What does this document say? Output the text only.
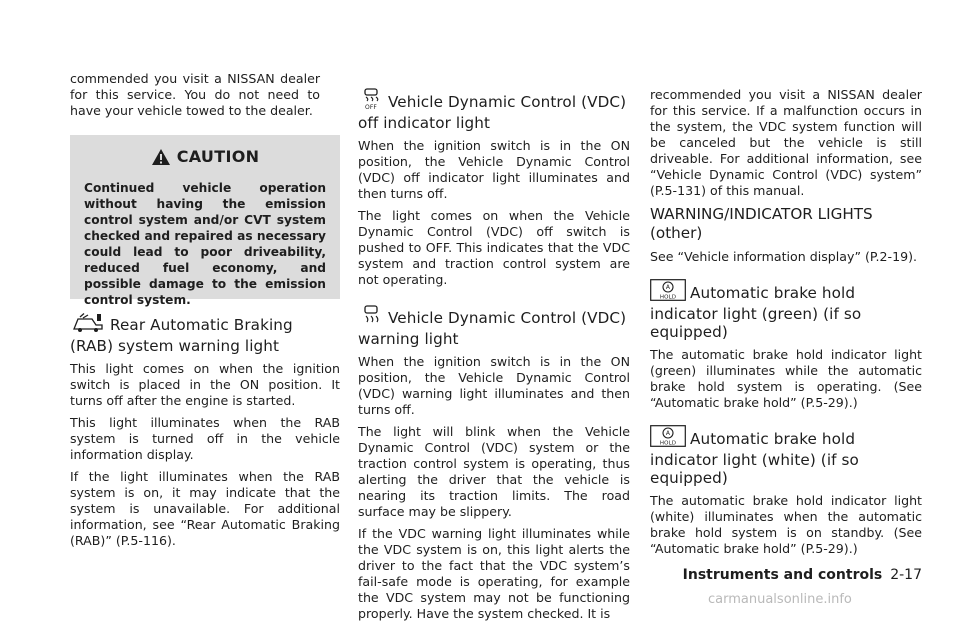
commended you visit a NISSAN dealer for this service. You do not need to have your vehicle towed to the dealer.

CAUTION

Continued vehicle operation without having the emission control system and/or CVT system checked and repaired as necessary could lead to poor driveability, reduced fuel economy, and possible damage to the emission control system.

Rear Automatic Braking (RAB) system warning light

This light comes on when the ignition switch is placed in the ON position. It turns off after the engine is started.

This light illuminates when the RAB system is turned off in the vehicle information display.

If the light illuminates when the RAB system is on, it may indicate that the system is unavailable. For additional information, see “Rear Automatic Braking (RAB)” (P.5-116).

OFF Vehicle Dynamic Control (VDC) off indicator light

When the ignition switch is in the ON position, the Vehicle Dynamic Control (VDC) off indicator light illuminates and then turns off.

The light comes on when the Vehicle Dynamic Control (VDC) off switch is pushed to OFF. This indicates that the VDC system and traction control system are not operating.

Vehicle Dynamic Control (VDC) warning light

When the ignition switch is in the ON position, the Vehicle Dynamic Control (VDC) warning light illuminates and then turns off.

The light will blink when the Vehicle Dynamic Control (VDC) system or the traction control system is operating, thus alerting the driver that the vehicle is nearing its traction limits. The road surface may be slippery.

If the VDC warning light illuminates while the VDC system is on, this light alerts the driver to the fact that the VDC system’s fail-safe mode is operating, for example the VDC system may not be functioning properly. Have the system checked. It is

recommended you visit a NISSAN dealer for this service. If a malfunction occurs in the system, the VDC system function will be canceled but the vehicle is still driveable. For additional information, see “Vehicle Dynamic Control (VDC) system” (P.5-131) of this manual.

WARNING/INDICATOR LIGHTS (other)

See “Vehicle information display” (P.2-19).

A
HOLD Automatic brake hold indicator light (green) (if so equipped)

The automatic brake hold indicator light (green) illuminates while the automatic brake hold system is operating. (See “Automatic brake hold” (P.5-29).)

A
HOLD Automatic brake hold indicator light (white) (if so equipped)

The automatic brake hold indicator light (white) illuminates when the automatic brake hold system is on standby. (See “Automatic brake hold” (P.5-29).)

Instruments and controls 2-17
carmanualsonline.info
